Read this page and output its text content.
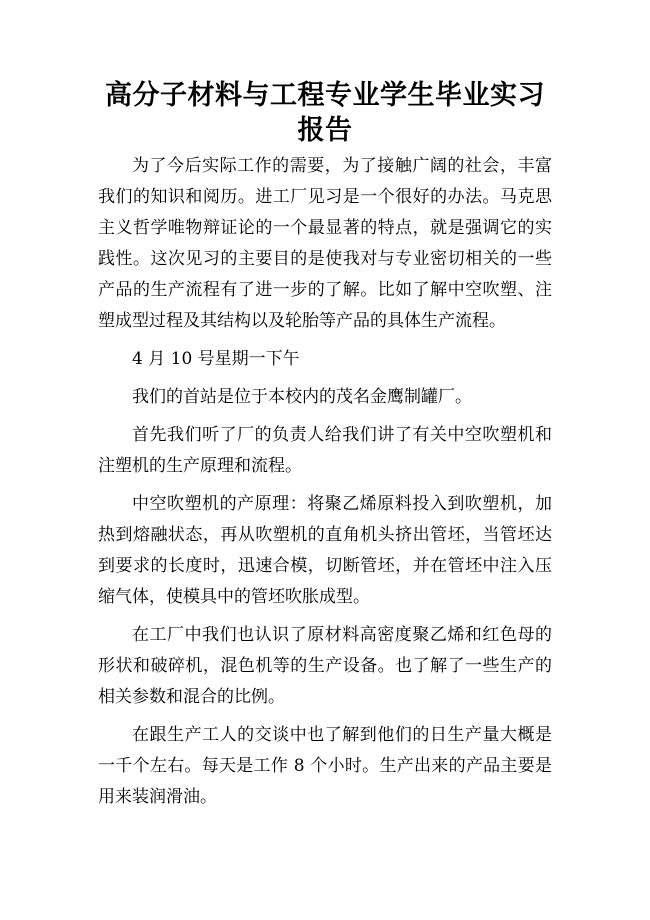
高分子材料与工程专业学生毕业实习报告

为了今后实际工作的需要，为了接触广阔的社会，丰富我们的知识和阅历。进工厂见习是一个很好的办法。马克思主义哲学唯物辩证论的一个最显著的特点，就是强调它的实践性。这次见习的主要目的是使我对与专业密切相关的一些产品的生产流程有了进一步的了解。比如了解中空吹塑、注塑成型过程及其结构以及轮胎等产品的具体生产流程。

4 月 10 号星期一下午

我们的首站是位于本校内的茂名金鹰制罐厂。

首先我们听了厂的负责人给我们讲了有关中空吹塑机和注塑机的生产原理和流程。

中空吹塑机的产原理：将聚乙烯原料投入到吹塑机，加热到熔融状态，再从吹塑机的直角机头挤出管坯，当管坯达到要求的长度时，迅速合模，切断管坯，并在管坯中注入压缩气体，使模具中的管坯吹胀成型。

在工厂中我们也认识了原材料高密度聚乙烯和红色母的形状和破碎机，混色机等的生产设备。也了解了一些生产的相关参数和混合的比例。

在跟生产工人的交谈中也了解到他们的日生产量大概是一千个左右。每天是工作 8 个小时。生产出来的产品主要是用来装润滑油。
